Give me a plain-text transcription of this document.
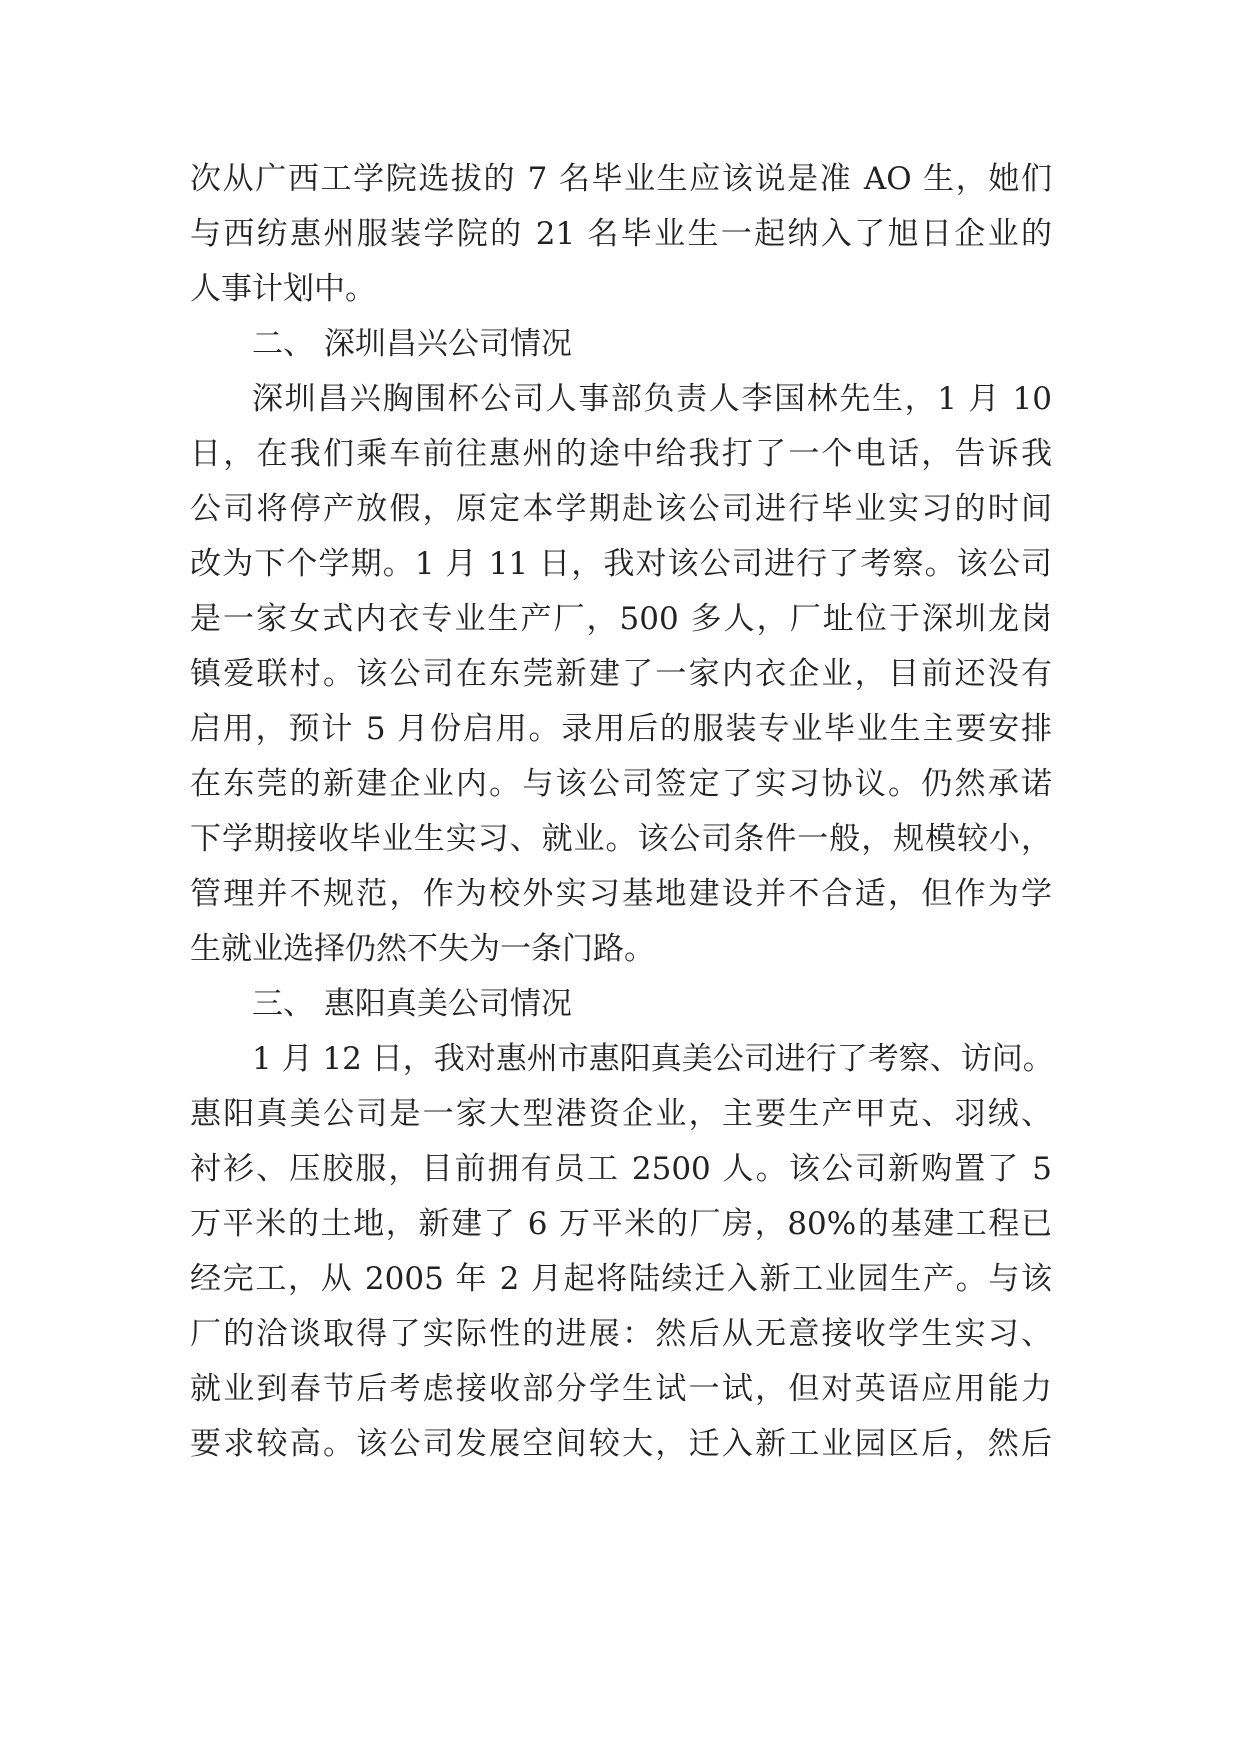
次从广西工学院选拔的 7 名毕业生应该说是准 AO 生，她们
与西纺惠州服装学院的 21 名毕业生一起纳入了旭日企业的
人事计划中。
二、 深圳昌兴公司情况
深圳昌兴胸围杯公司人事部负责人李国林先生，1 月 10
日，在我们乘车前往惠州的途中给我打了一个电话，告诉我
公司将停产放假，原定本学期赴该公司进行毕业实习的时间
改为下个学期。1 月 11 日，我对该公司进行了考察。该公司
是一家女式内衣专业生产厂，500 多人，厂址位于深圳龙岗
镇爱联村。该公司在东莞新建了一家内衣企业，目前还没有
启用，预计 5 月份启用。录用后的服装专业毕业生主要安排
在东莞的新建企业内。与该公司签定了实习协议。仍然承诺
下学期接收毕业生实习、就业。该公司条件一般，规模较小，
管理并不规范，作为校外实习基地建设并不合适，但作为学
生就业选择仍然不失为一条门路。
三、 惠阳真美公司情况
1 月 12 日，我对惠州市惠阳真美公司进行了考察、访问。
惠阳真美公司是一家大型港资企业，主要生产甲克、羽绒、
衬衫、压胶服，目前拥有员工 2500 人。该公司新购置了 5
万平米的土地，新建了 6 万平米的厂房，80%的基建工程已
经完工，从 2005 年 2 月起将陆续迁入新工业园生产。与该
厂的洽谈取得了实际性的进展：然后从无意接收学生实习、
就业到春节后考虑接收部分学生试一试，但对英语应用能力
要求较高。该公司发展空间较大，迁入新工业园区后，然后
